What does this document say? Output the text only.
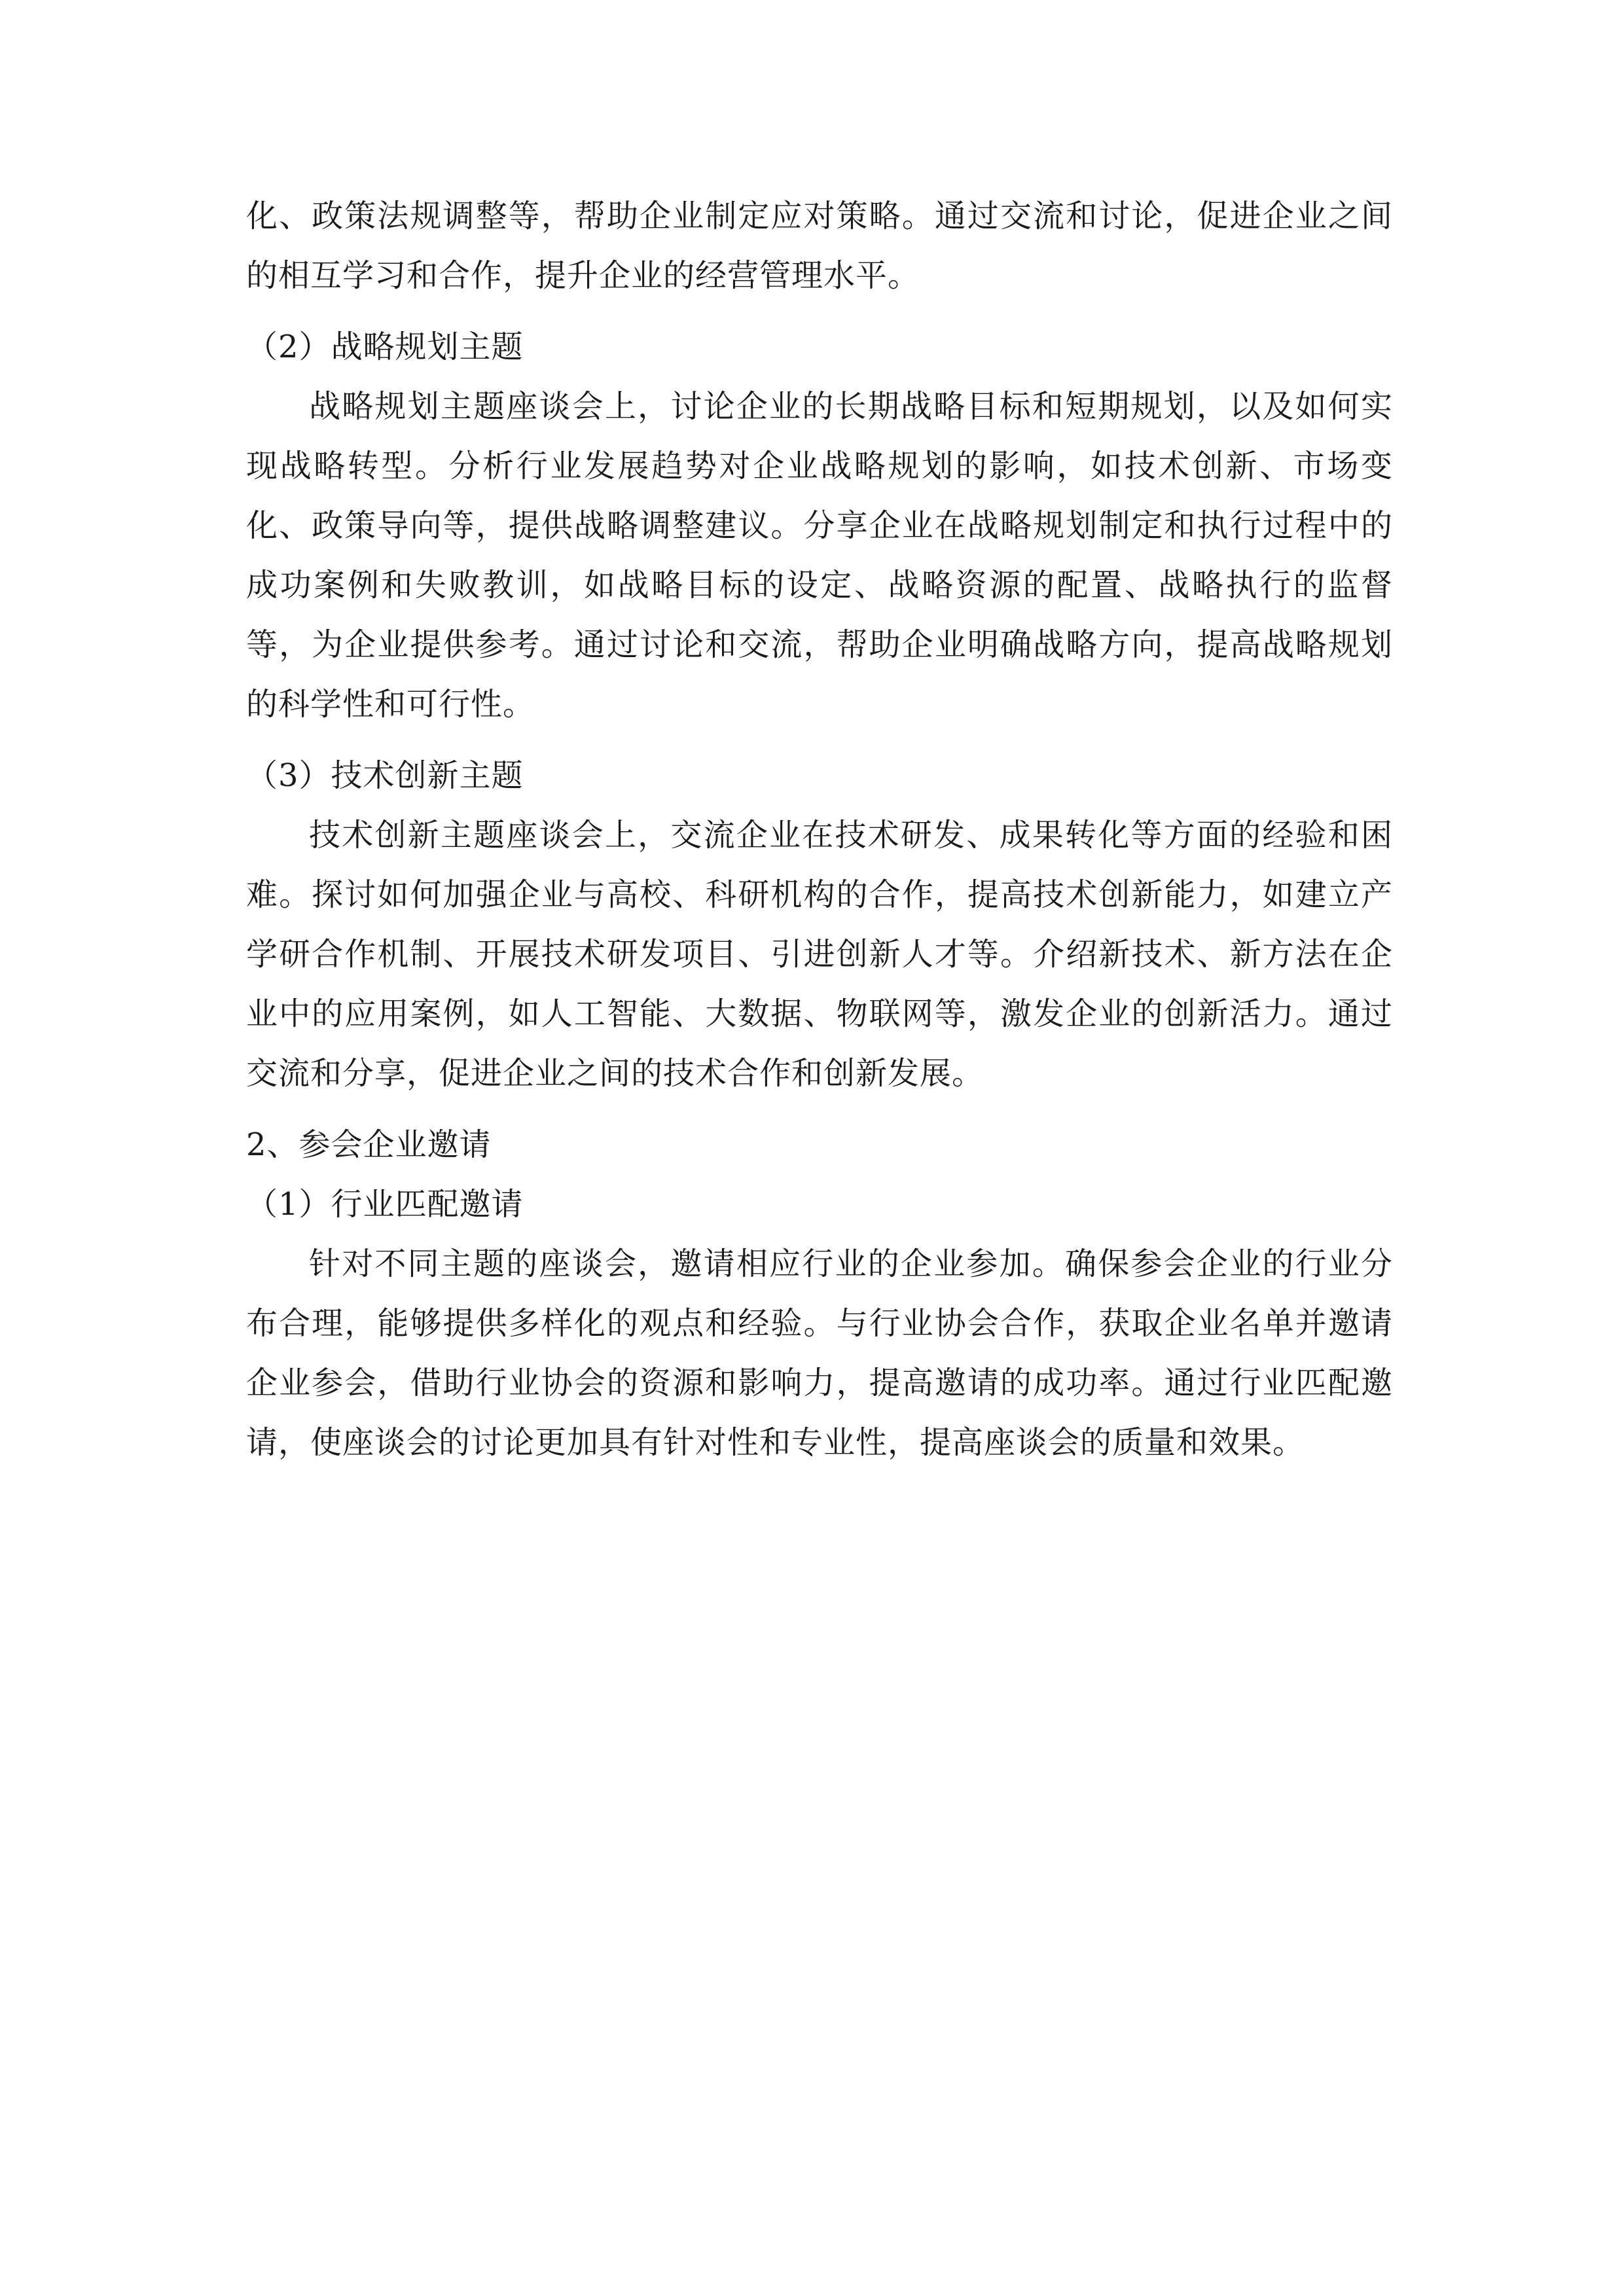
化、政策法规调整等，帮助企业制定应对策略。通过交流和讨论，促进企业之间的相互学习和合作，提升企业的经营管理水平。

（2）战略规划主题

战略规划主题座谈会上，讨论企业的长期战略目标和短期规划，以及如何实现战略转型。分析行业发展趋势对企业战略规划的影响，如技术创新、市场变化、政策导向等，提供战略调整建议。分享企业在战略规划制定和执行过程中的成功案例和失败教训，如战略目标的设定、战略资源的配置、战略执行的监督等，为企业提供参考。通过讨论和交流，帮助企业明确战略方向，提高战略规划的科学性和可行性。

（3）技术创新主题

技术创新主题座谈会上，交流企业在技术研发、成果转化等方面的经验和困难。探讨如何加强企业与高校、科研机构的合作，提高技术创新能力，如建立产学研合作机制、开展技术研发项目、引进创新人才等。介绍新技术、新方法在企业中的应用案例，如人工智能、大数据、物联网等，激发企业的创新活力。通过交流和分享，促进企业之间的技术合作和创新发展。

2、参会企业邀请

（1）行业匹配邀请

针对不同主题的座谈会，邀请相应行业的企业参加。确保参会企业的行业分布合理，能够提供多样化的观点和经验。与行业协会合作，获取企业名单并邀请企业参会，借助行业协会的资源和影响力，提高邀请的成功率。通过行业匹配邀请，使座谈会的讨论更加具有针对性和专业性，提高座谈会的质量和效果。
